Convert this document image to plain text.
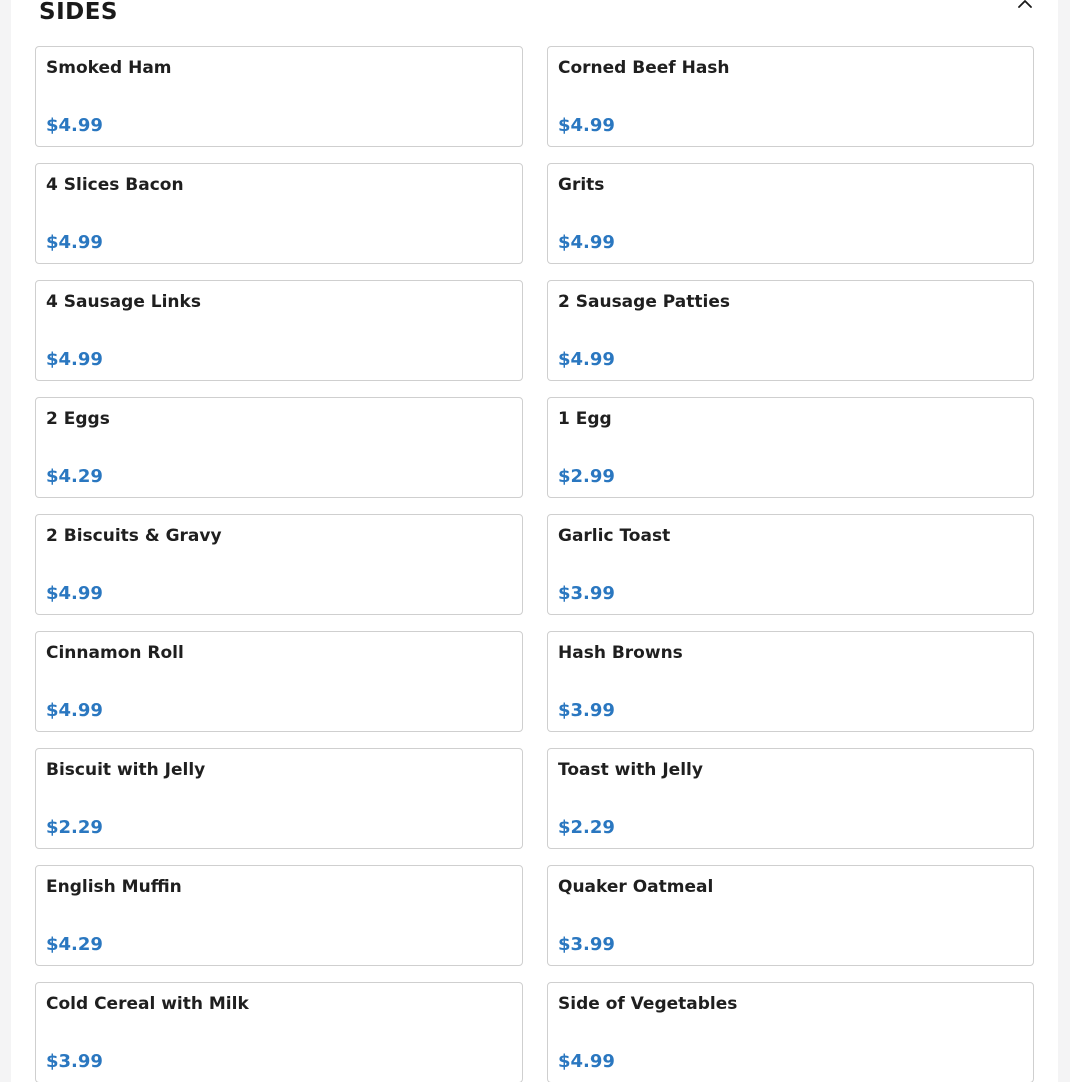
SIDES
Smoked Ham
$4.99
Corned Beef Hash
$4.99
4 Slices Bacon
$4.99
Grits
$4.99
4 Sausage Links
$4.99
2 Sausage Patties
$4.99
2 Eggs
$4.29
1 Egg
$2.99
2 Biscuits & Gravy
$4.99
Garlic Toast
$3.99
Cinnamon Roll
$4.99
Hash Browns
$3.99
Biscuit with Jelly
$2.29
Toast with Jelly
$2.29
English Muffin
$4.29
Quaker Oatmeal
$3.99
Cold Cereal with Milk
$3.99
Side of Vegetables
$4.99
